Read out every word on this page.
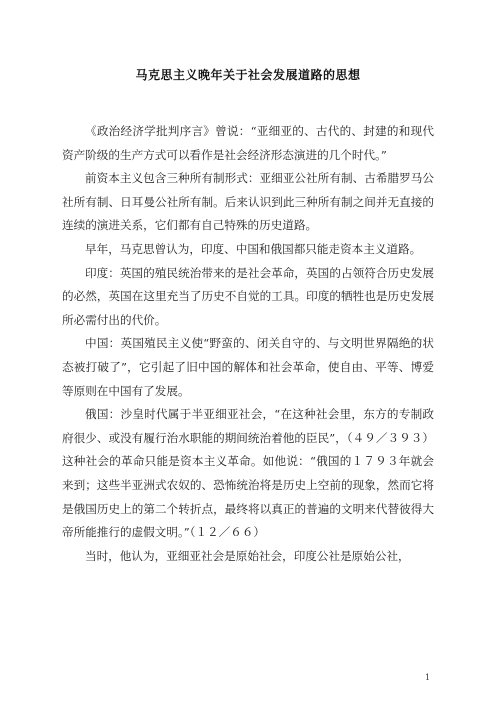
马克思主义晚年关于社会发展道路的思想

《政治经济学批判序言》曾说：“亚细亚的、古代的、封建的和现代资产阶级的生产方式可以看作是社会经济形态演进的几个时代。”

前资本主义包含三种所有制形式：亚细亚公社所有制、古希腊罗马公社所有制、日耳曼公社所有制。后来认识到此三种所有制之间并无直接的连续的演进关系，它们都有自己特殊的历史道路。

早年，马克思曾认为，印度、中国和俄国都只能走资本主义道路。

印度：英国的殖民统治带来的是社会革命，英国的占领符合历史发展的必然，英国在这里充当了历史不自觉的工具。印度的牺牲也是历史发展所必需付出的代价。

中国：英国殖民主义使“野蛮的、闭关自守的、与文明世界隔绝的状态被打破了”，它引起了旧中国的解体和社会革命，使自由、平等、博爱等原则在中国有了发展。

俄国：沙皇时代属于半亚细亚社会，“在这种社会里，东方的专制政府很少、或没有履行治水职能的期间统治着他的臣民”，（４９／３９３）这种社会的革命只能是资本主义革命。如他说：“俄国的１７９３年就会来到；这些半亚洲式农奴的、恐怖统治将是历史上空前的现象，然而它将是俄国历史上的第二个转折点，最终将以真正的普遍的文明来代替彼得大帝所能推行的虚假文明。”（１２／６６）

当时，他认为，亚细亚社会是原始社会，印度公社是原始公社，

1
